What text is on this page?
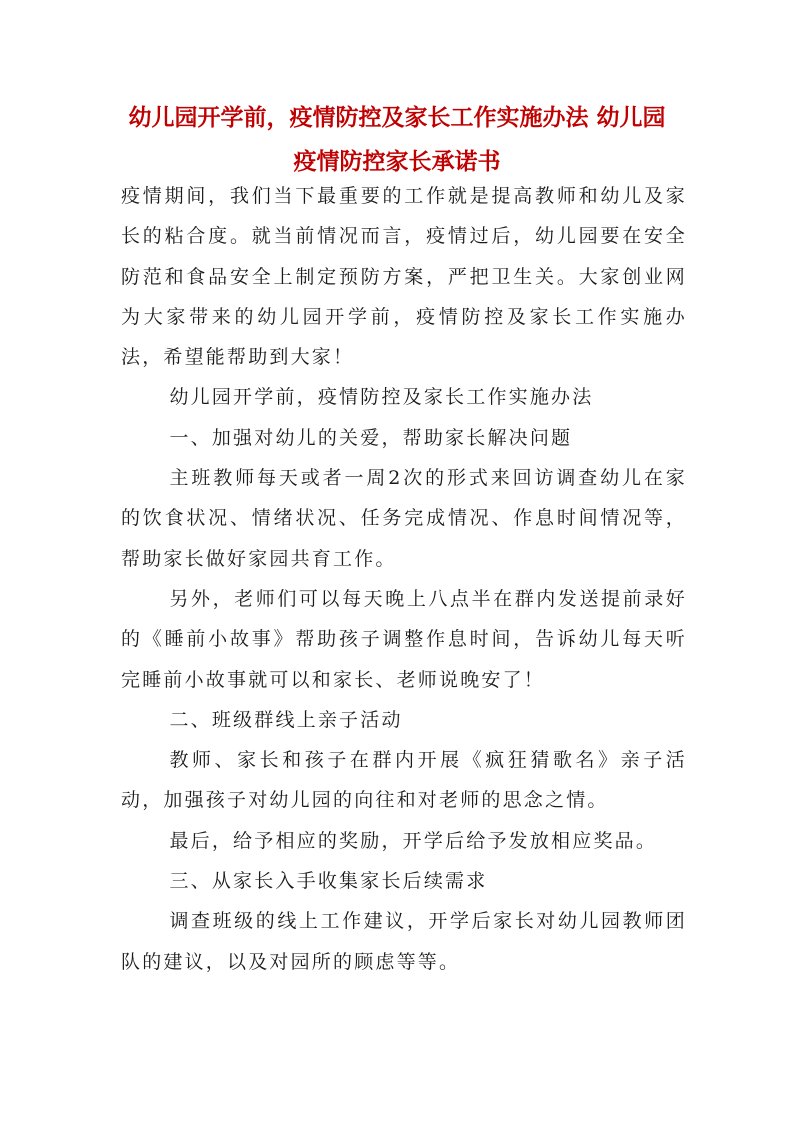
幼儿园开学前，疫情防控及家长工作实施办法 幼儿园
疫情防控家长承诺书

疫情期间，我们当下最重要的工作就是提高教师和幼儿及家长的粘合度。就当前情况而言，疫情过后，幼儿园要在安全防范和食品安全上制定预防方案，严把卫生关。大家创业网为大家带来的幼儿园开学前，疫情防控及家长工作实施办法，希望能帮助到大家！

幼儿园开学前，疫情防控及家长工作实施办法

一、加强对幼儿的关爱，帮助家长解决问题

主班教师每天或者一周2次的形式来回访调查幼儿在家的饮食状况、情绪状况、任务完成情况、作息时间情况等，帮助家长做好家园共育工作。

另外，老师们可以每天晚上八点半在群内发送提前录好的《睡前小故事》帮助孩子调整作息时间，告诉幼儿每天听完睡前小故事就可以和家长、老师说晚安了！

二、班级群线上亲子活动

教师、家长和孩子在群内开展《疯狂猜歌名》亲子活动，加强孩子对幼儿园的向往和对老师的思念之情。

最后，给予相应的奖励，开学后给予发放相应奖品。

三、从家长入手收集家长后续需求

调查班级的线上工作建议，开学后家长对幼儿园教师团队的建议，以及对园所的顾虑等等。
